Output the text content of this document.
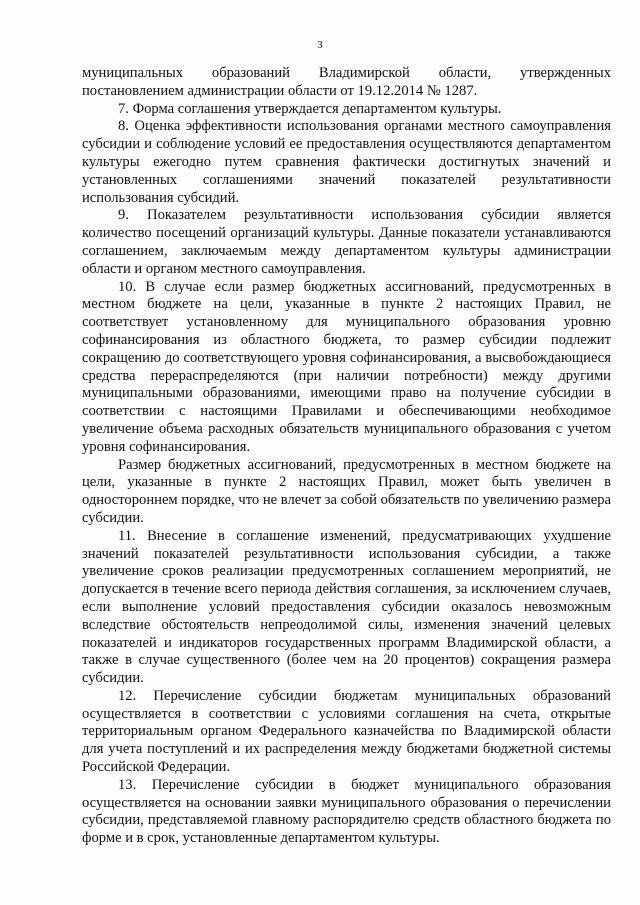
3

муниципальных образований Владимирской области, утвержденных постановлением администрации области от 19.12.2014 № 1287.

7. Форма соглашения утверждается департаментом культуры.

8. Оценка эффективности использования органами местного самоуправления субсидии и соблюдение условий ее предоставления осуществляются департаментом культуры ежегодно путем сравнения фактически достигнутых значений и установленных соглашениями значений показателей результативности использования субсидий.

9. Показателем результативности использования субсидии является количество посещений организаций культуры. Данные показатели устанавливаются соглашением, заключаемым между департаментом культуры администрации области и органом местного самоуправления.

10. В случае если размер бюджетных ассигнований, предусмотренных в местном бюджете на цели, указанные в пункте 2 настоящих Правил, не соответствует установленному для муниципального образования уровню софинансирования из областного бюджета, то размер субсидии подлежит сокращению до соответствующего уровня софинансирования, а высвобождающиеся средства перераспределяются (при наличии потребности) между другими муниципальными образованиями, имеющими право на получение субсидии в соответствии с настоящими Правилами и обеспечивающими необходимое увеличение объема расходных обязательств муниципального образования с учетом уровня софинансирования.

Размер бюджетных ассигнований, предусмотренных в местном бюджете на цели, указанные в пункте 2 настоящих Правил, может быть увеличен в одностороннем порядке, что не влечет за собой обязательств по увеличению размера субсидии.

11. Внесение в соглашение изменений, предусматривающих ухудшение значений показателей результативности использования субсидии, а также увеличение сроков реализации предусмотренных соглашением мероприятий, не допускается в течение всего периода действия соглашения, за исключением случаев, если выполнение условий предоставления субсидии оказалось невозможным вследствие обстоятельств непреодолимой силы, изменения значений целевых показателей и индикаторов государственных программ Владимирской области, а также в случае существенного (более чем на 20 процентов) сокращения размера субсидии.

12. Перечисление субсидии бюджетам муниципальных образований осуществляется в соответствии с условиями соглашения на счета, открытые территориальным органом Федерального казначейства по Владимирской области для учета поступлений и их распределения между бюджетами бюджетной системы Российской Федерации.

13. Перечисление субсидии в бюджет муниципального образования осуществляется на основании заявки муниципального образования о перечислении субсидии, представляемой главному распорядителю средств областного бюджета по форме и в срок, установленные департаментом культуры.
